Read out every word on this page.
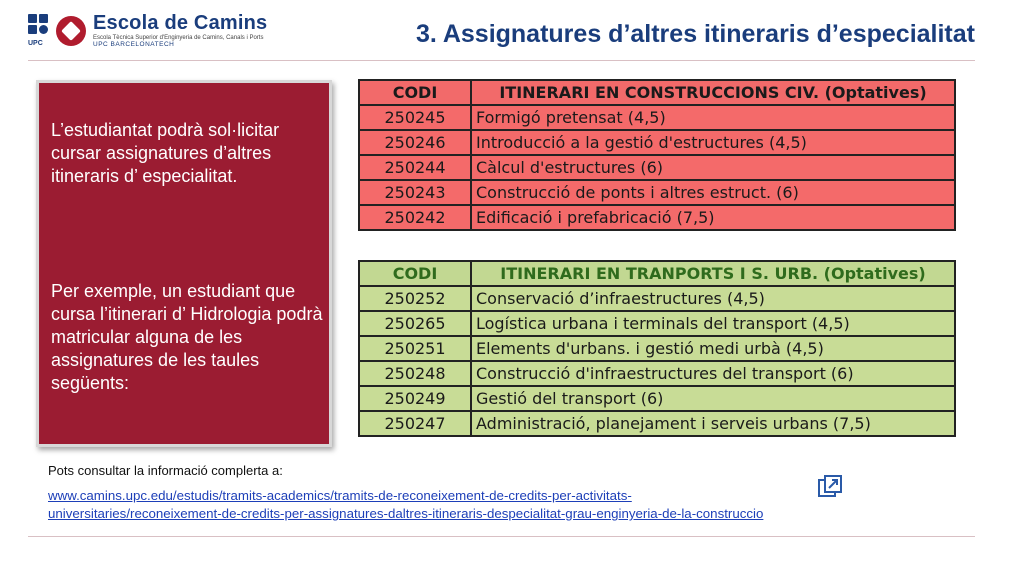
UPC
Escola de Camins
Escola Tècnica Superior d'Enginyeria de Camins, Canals i Ports
UPC BARCELONATECH	3. Assignatures d’altres itineraris d’especialitat
L’estudiantat podrà sol·licitar cursar assignatures d’altres itineraris d’ especialitat.
Per exemple, un estudiant que cursa l’itinerari d’ Hidrologia podrà matricular alguna de les assignatures de les taules següents:
CODI	ITINERARI EN CONSTRUCCIONS CIV. (Optatives)
250245	Formigó pretensat (4,5)
250246	Introducció a la gestió d'estructures (4,5)
250244	Càlcul d'estructures (6)
250243	Construcció de ponts i altres estruct. (6)
250242	Edificació i prefabricació (7,5)
CODI	ITINERARI EN TRANPORTS I S. URB. (Optatives)
250252	Conservació d’infraestructures (4,5)
250265	Logística urbana i terminals del transport (4,5)
250251	Elements d'urbans. i gestió medi urbà (4,5)
250248	Construcció d'infraestructures del transport (6)
250249	Gestió del transport (6)
250247	Administració, planejament i serveis urbans (7,5)
Pots consultar la informació complerta a:
www.camins.upc.edu/estudis/tramits-academics/tramits-de-reconeixement-de-credits-per-activitats-
universitaries/reconeixement-de-credits-per-assignatures-daltres-itineraris-despecialitat-grau-enginyeria-de-la-construccio
